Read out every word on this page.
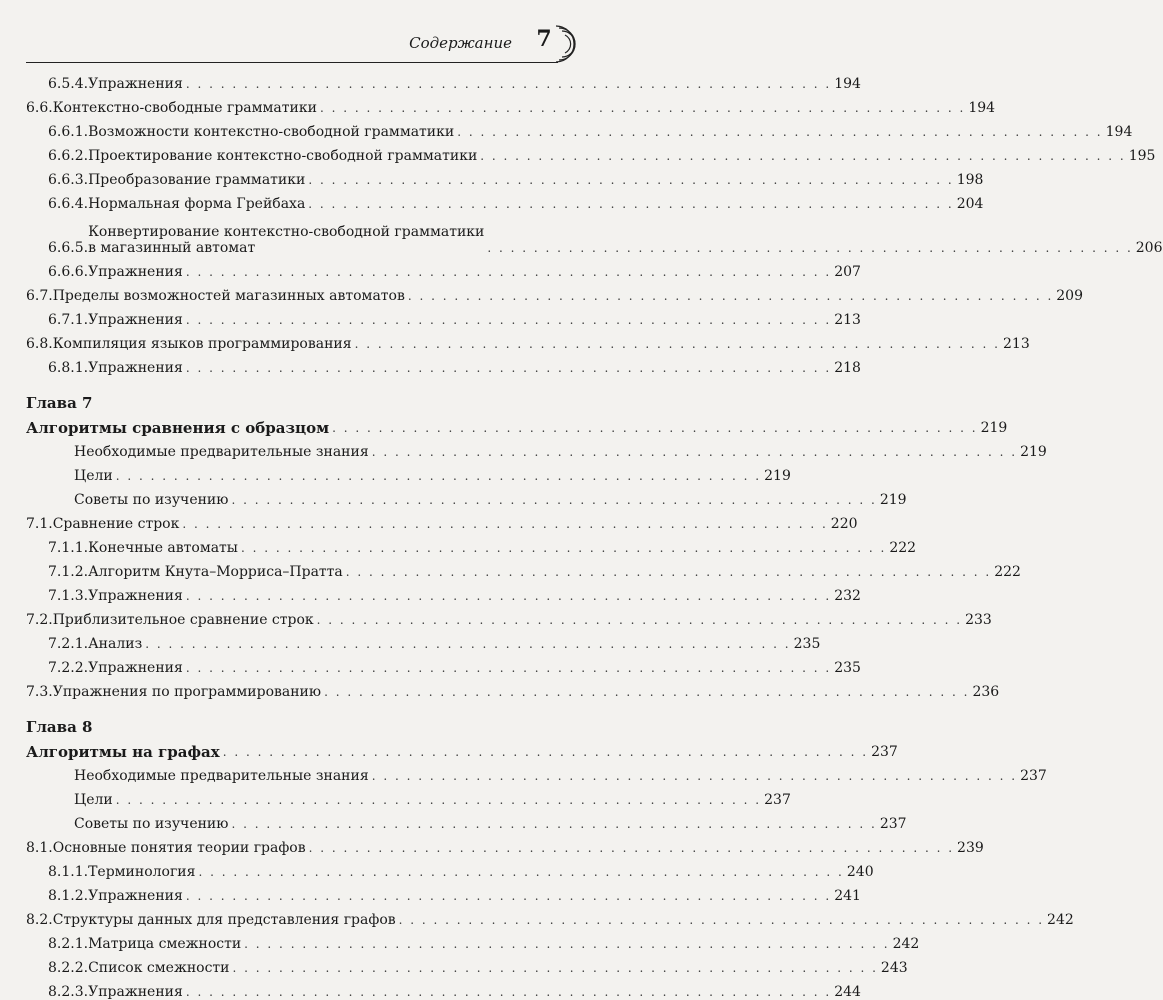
Содержание	7
6.5.4. Упражнения . . . . . . . . . . . . . . . . . . . . . . . . . . . . . . . . . . . . . . . . . . . . . . . . . . . . . . . . 194
6.6. Контекстно-свободные грамматики . . . . . . . . . . . . . . . . . . . . . . . . . . . . . . . . . . . . . . . . . . . . . . . . . . . . . . . . 194
6.6.1. Возможности контекстно-свободной грамматики . . . . . . . . . . . . . . . . . . . . . . . . . . . . . . . . . . . . . . . . . . . . . . . . . . . . . . . . 194
6.6.2. Проектирование контекстно-свободной грамматики . . . . . . . . . . . . . . . . . . . . . . . . . . . . . . . . . . . . . . . . . . . . . . . . . . . . . . . . 195
6.6.3. Преобразование грамматики . . . . . . . . . . . . . . . . . . . . . . . . . . . . . . . . . . . . . . . . . . . . . . . . . . . . . . . . 198
6.6.4. Нормальная форма Грейбаха . . . . . . . . . . . . . . . . . . . . . . . . . . . . . . . . . . . . . . . . . . . . . . . . . . . . . . . . 204
6.6.5.
Конвертирование контекстно-свободной грамматики
в магазинный автомат	. . . . . . . . . . . . . . . . . . . . . . . . . . . . . . . . . . . . . . . . . . . . . . . . . . . . . . . . 206
6.6.6. Упражнения . . . . . . . . . . . . . . . . . . . . . . . . . . . . . . . . . . . . . . . . . . . . . . . . . . . . . . . . 207
6.7. Пределы возможностей магазинных автоматов . . . . . . . . . . . . . . . . . . . . . . . . . . . . . . . . . . . . . . . . . . . . . . . . . . . . . . . . 209
6.7.1. Упражнения . . . . . . . . . . . . . . . . . . . . . . . . . . . . . . . . . . . . . . . . . . . . . . . . . . . . . . . . 213
6.8. Компиляция языков программирования . . . . . . . . . . . . . . . . . . . . . . . . . . . . . . . . . . . . . . . . . . . . . . . . . . . . . . . . 213
6.8.1. Упражнения . . . . . . . . . . . . . . . . . . . . . . . . . . . . . . . . . . . . . . . . . . . . . . . . . . . . . . . . 218
Глава 7
Алгоритмы сравнения с образцом . . . . . . . . . . . . . . . . . . . . . . . . . . . . . . . . . . . . . . . . . . . . . . . . . . . . . . . . 219
Необходимые предварительные знания . . . . . . . . . . . . . . . . . . . . . . . . . . . . . . . . . . . . . . . . . . . . . . . . . . . . . . . . 219
Цели . . . . . . . . . . . . . . . . . . . . . . . . . . . . . . . . . . . . . . . . . . . . . . . . . . . . . . . . 219
Советы по изучению . . . . . . . . . . . . . . . . . . . . . . . . . . . . . . . . . . . . . . . . . . . . . . . . . . . . . . . . 219
7.1. Сравнение строк . . . . . . . . . . . . . . . . . . . . . . . . . . . . . . . . . . . . . . . . . . . . . . . . . . . . . . . . 220
7.1.1. Конечные автоматы . . . . . . . . . . . . . . . . . . . . . . . . . . . . . . . . . . . . . . . . . . . . . . . . . . . . . . . . 222
7.1.2. Алгоритм Кнута–Морриса–Пратта . . . . . . . . . . . . . . . . . . . . . . . . . . . . . . . . . . . . . . . . . . . . . . . . . . . . . . . . 222
7.1.3. Упражнения . . . . . . . . . . . . . . . . . . . . . . . . . . . . . . . . . . . . . . . . . . . . . . . . . . . . . . . . 232
7.2. Приблизительное сравнение строк . . . . . . . . . . . . . . . . . . . . . . . . . . . . . . . . . . . . . . . . . . . . . . . . . . . . . . . . 233
7.2.1. Анализ . . . . . . . . . . . . . . . . . . . . . . . . . . . . . . . . . . . . . . . . . . . . . . . . . . . . . . . . 235
7.2.2. Упражнения . . . . . . . . . . . . . . . . . . . . . . . . . . . . . . . . . . . . . . . . . . . . . . . . . . . . . . . . 235
7.3. Упражнения по программированию . . . . . . . . . . . . . . . . . . . . . . . . . . . . . . . . . . . . . . . . . . . . . . . . . . . . . . . . 236
Глава 8
Алгоритмы на графах . . . . . . . . . . . . . . . . . . . . . . . . . . . . . . . . . . . . . . . . . . . . . . . . . . . . . . . . 237
Необходимые предварительные знания . . . . . . . . . . . . . . . . . . . . . . . . . . . . . . . . . . . . . . . . . . . . . . . . . . . . . . . . 237
Цели . . . . . . . . . . . . . . . . . . . . . . . . . . . . . . . . . . . . . . . . . . . . . . . . . . . . . . . . 237
Советы по изучению . . . . . . . . . . . . . . . . . . . . . . . . . . . . . . . . . . . . . . . . . . . . . . . . . . . . . . . . 237
8.1. Основные понятия теории графов . . . . . . . . . . . . . . . . . . . . . . . . . . . . . . . . . . . . . . . . . . . . . . . . . . . . . . . . 239
8.1.1. Терминология . . . . . . . . . . . . . . . . . . . . . . . . . . . . . . . . . . . . . . . . . . . . . . . . . . . . . . . . 240
8.1.2. Упражнения . . . . . . . . . . . . . . . . . . . . . . . . . . . . . . . . . . . . . . . . . . . . . . . . . . . . . . . . 241
8.2. Структуры данных для представления графов . . . . . . . . . . . . . . . . . . . . . . . . . . . . . . . . . . . . . . . . . . . . . . . . . . . . . . . . 242
8.2.1. Матрица смежности . . . . . . . . . . . . . . . . . . . . . . . . . . . . . . . . . . . . . . . . . . . . . . . . . . . . . . . . 242
8.2.2. Список смежности . . . . . . . . . . . . . . . . . . . . . . . . . . . . . . . . . . . . . . . . . . . . . . . . . . . . . . . . 243
8.2.3. Упражнения . . . . . . . . . . . . . . . . . . . . . . . . . . . . . . . . . . . . . . . . . . . . . . . . . . . . . . . . 244
